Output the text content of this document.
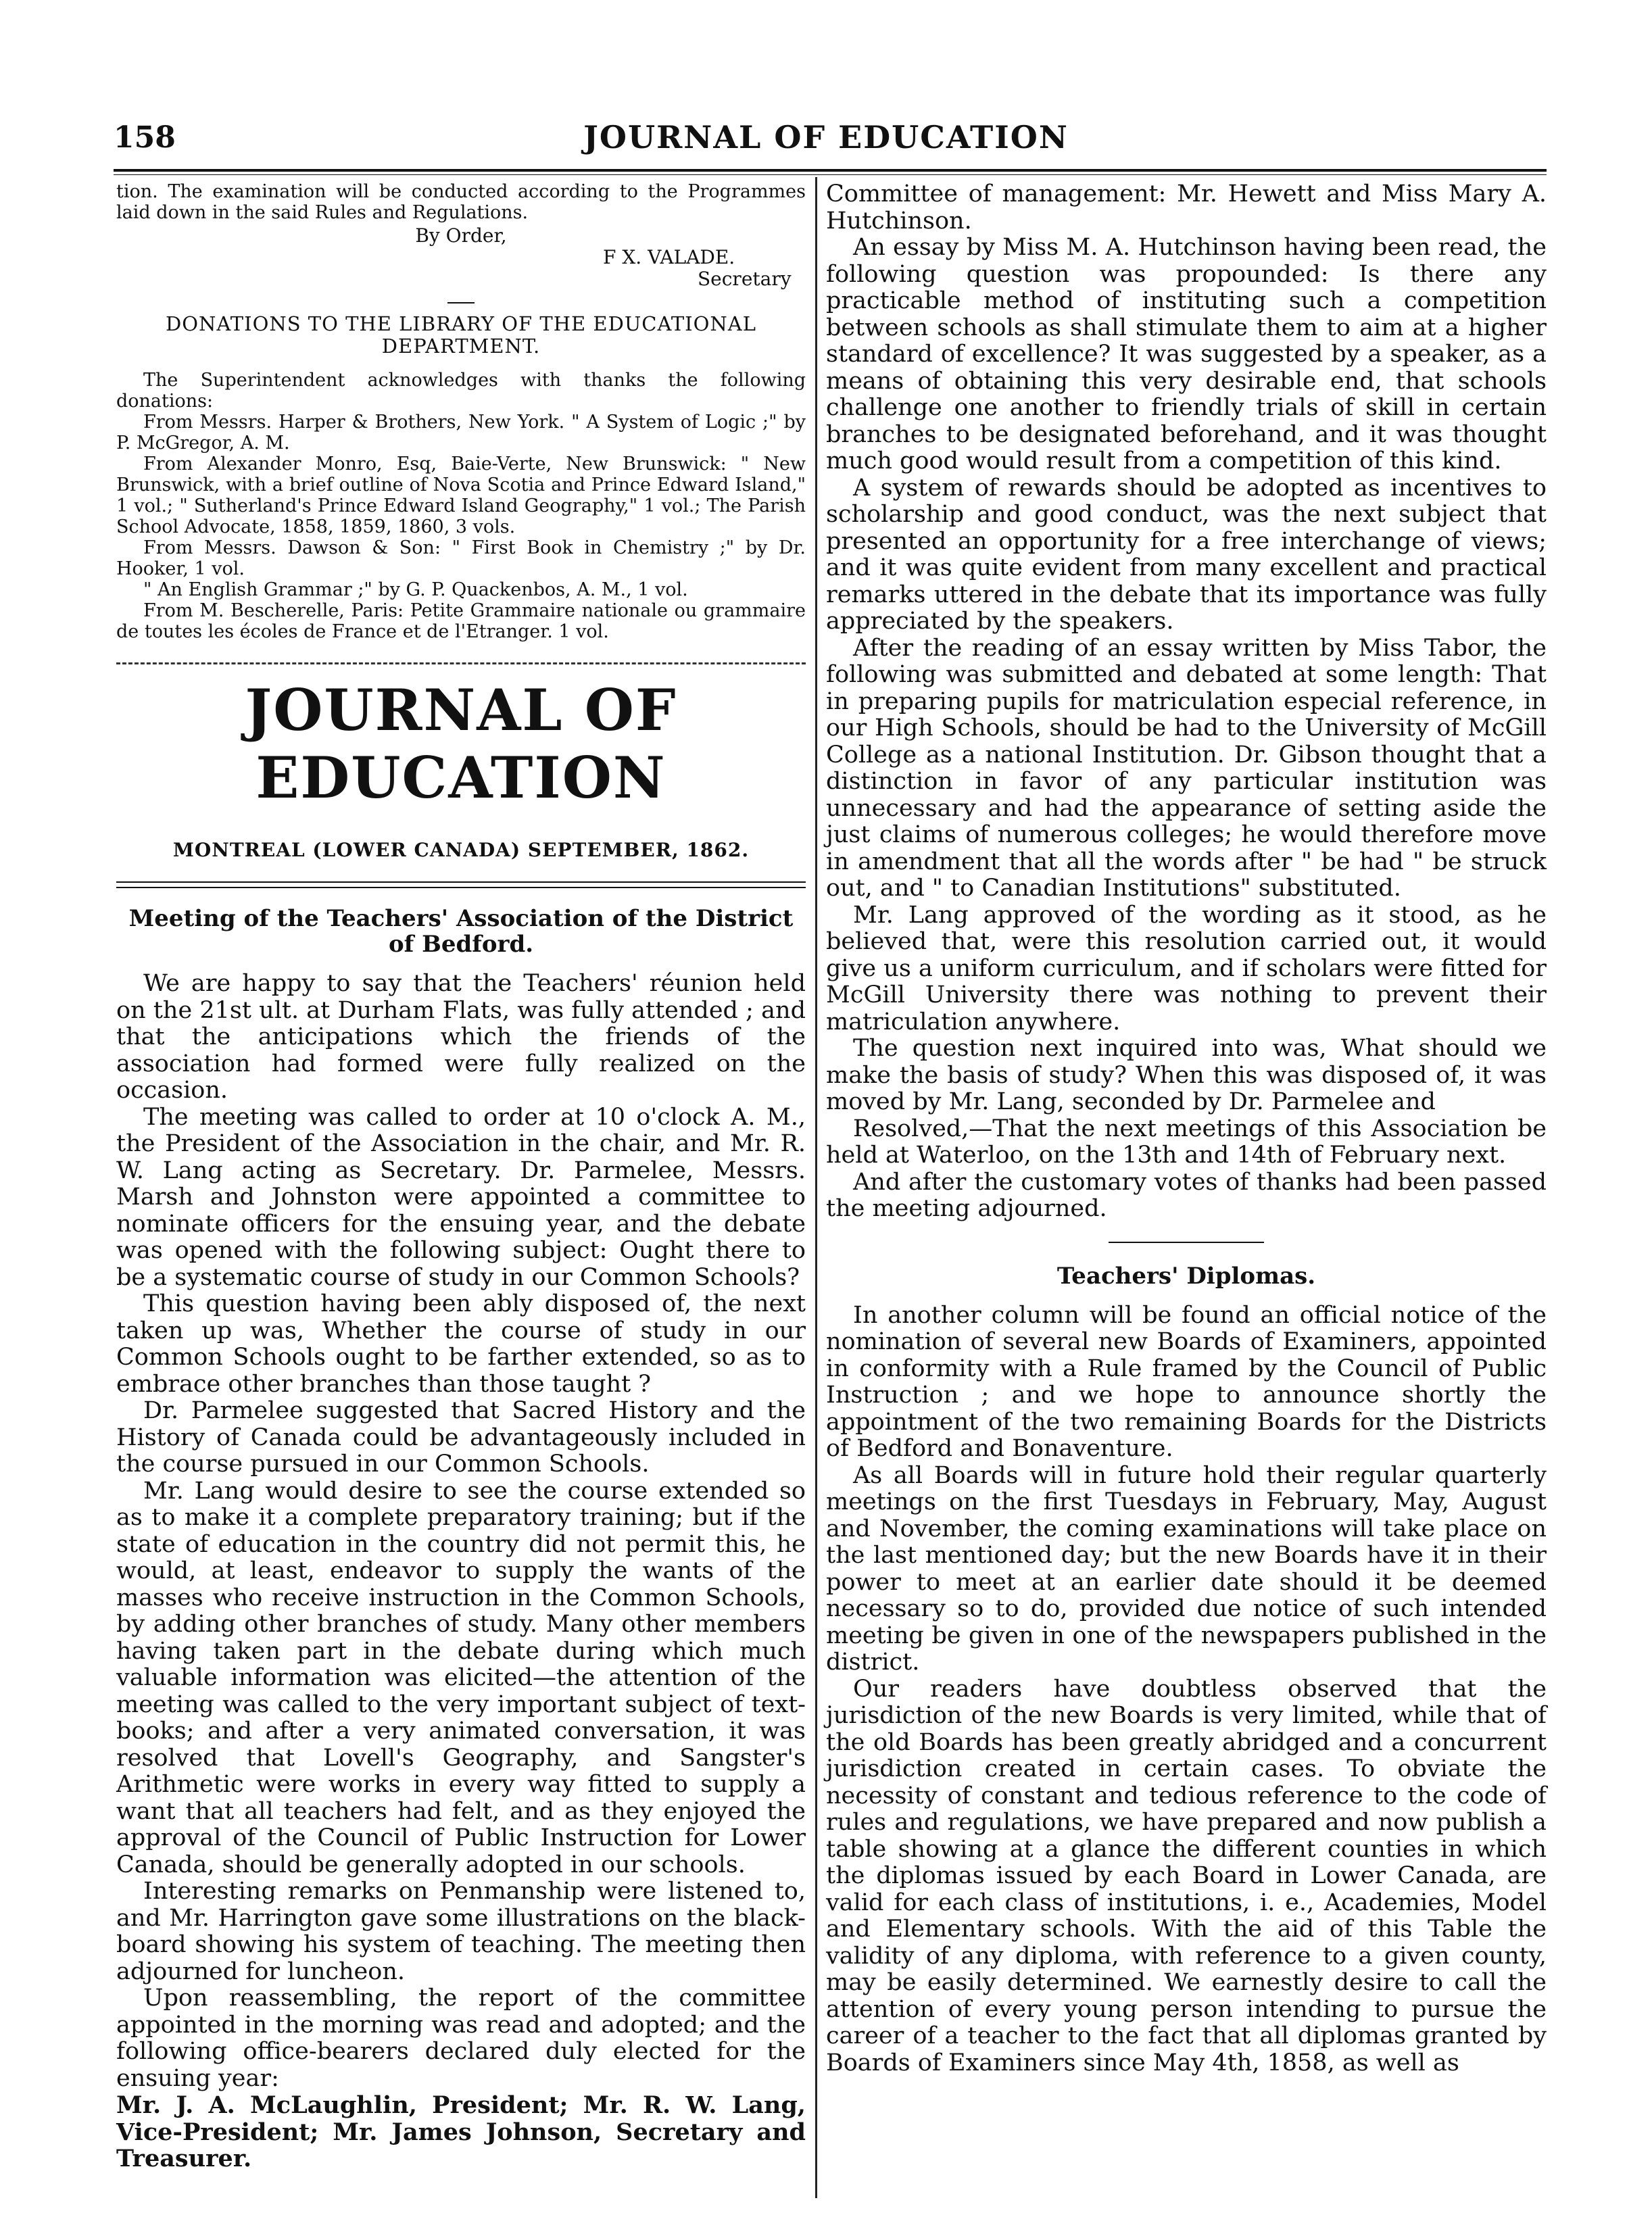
158	JOURNAL OF EDUCATION

tion. The examination will be conducted according to the Programmes laid down in the said Rules and Regulations.

By Order,

F X. VALADE.
Secretary

DONATIONS TO THE LIBRARY OF THE EDUCATIONAL DEPARTMENT.

The Superintendent acknowledges with thanks the following donations:

From Messrs. Harper & Brothers, New York. " A System of Logic ;" by P. McGregor, A. M.

From Alexander Monro, Esq, Baie-Verte, New Brunswick: " New Brunswick, with a brief outline of Nova Scotia and Prince Edward Island," 1 vol.; " Sutherland's Prince Edward Island Geography," 1 vol.; The Parish School Advocate, 1858, 1859, 1860, 3 vols.

From Messrs. Dawson & Son: " First Book in Chemistry ;" by Dr. Hooker, 1 vol.

" An English Grammar ;" by G. P. Quackenbos, A. M., 1 vol.

From M. Bescherelle, Paris: Petite Grammaire nationale ou grammaire de toutes les écoles de France et de l'Etranger. 1 vol.

JOURNAL OF EDUCATION
MONTREAL (LOWER CANADA) SEPTEMBER, 1862.
Meeting of the Teachers' Association of the District of Bedford.

We are happy to say that the Teachers' réunion held on the 21st ult. at Durham Flats, was fully attended ; and that the anticipations which the friends of the association had formed were fully realized on the occasion.

The meeting was called to order at 10 o'clock A. M., the President of the Association in the chair, and Mr. R. W. Lang acting as Secretary. Dr. Parmelee, Messrs. Marsh and Johnston were appointed a committee to nominate officers for the ensuing year, and the debate was opened with the following subject: Ought there to be a systematic course of study in our Common Schools?

This question having been ably disposed of, the next taken up was, Whether the course of study in our Common Schools ought to be farther extended, so as to embrace other branches than those taught ?

Dr. Parmelee suggested that Sacred History and the History of Canada could be advantageously included in the course pursued in our Common Schools.

Mr. Lang would desire to see the course extended so as to make it a complete preparatory training; but if the state of education in the country did not permit this, he would, at least, endeavor to supply the wants of the masses who receive instruction in the Common Schools, by adding other branches of study. Many other members having taken part in the debate during which much valuable information was elicited—the attention of the meeting was called to the very important subject of text-books; and after a very animated conversation, it was resolved that Lovell's Geography, and Sangster's Arithmetic were works in every way fitted to supply a want that all teachers had felt, and as they enjoyed the approval of the Council of Public Instruction for Lower Canada, should be generally adopted in our schools.

Interesting remarks on Penmanship were listened to, and Mr. Harrington gave some illustrations on the black-board showing his system of teaching. The meeting then adjourned for luncheon.

Upon reassembling, the report of the committee appointed in the morning was read and adopted; and the following office-bearers declared duly elected for the ensuing year:

Mr. J. A. McLaughlin, President; Mr. R. W. Lang, Vice-President; Mr. James Johnson, Secretary and Treasurer.

Committee of management: Mr. Hewett and Miss Mary A. Hutchinson.

An essay by Miss M. A. Hutchinson having been read, the following question was propounded: Is there any practicable method of instituting such a competition between schools as shall stimulate them to aim at a higher standard of excellence? It was suggested by a speaker, as a means of obtaining this very desirable end, that schools challenge one another to friendly trials of skill in certain branches to be designated beforehand, and it was thought much good would result from a competition of this kind.

A system of rewards should be adopted as incentives to scholarship and good conduct, was the next subject that presented an opportunity for a free interchange of views; and it was quite evident from many excellent and practical remarks uttered in the debate that its importance was fully appreciated by the speakers.

After the reading of an essay written by Miss Tabor, the following was submitted and debated at some length: That in preparing pupils for matriculation especial reference, in our High Schools, should be had to the University of McGill College as a national Institution. Dr. Gibson thought that a distinction in favor of any particular institution was unnecessary and had the appearance of setting aside the just claims of numerous colleges; he would therefore move in amendment that all the words after " be had " be struck out, and " to Canadian Institutions" substituted.

Mr. Lang approved of the wording as it stood, as he believed that, were this resolution carried out, it would give us a uniform curriculum, and if scholars were fitted for McGill University there was nothing to prevent their matriculation anywhere.

The question next inquired into was, What should we make the basis of study? When this was disposed of, it was moved by Mr. Lang, seconded by Dr. Parmelee and

Resolved,—That the next meetings of this Association be held at Waterloo, on the 13th and 14th of February next.

And after the customary votes of thanks had been passed the meeting adjourned.

Teachers' Diplomas.

In another column will be found an official notice of the nomination of several new Boards of Examiners, appointed in conformity with a Rule framed by the Council of Public Instruction ; and we hope to announce shortly the appointment of the two remaining Boards for the Districts of Bedford and Bonaventure.

As all Boards will in future hold their regular quarterly meetings on the first Tuesdays in February, May, August and November, the coming examinations will take place on the last mentioned day; but the new Boards have it in their power to meet at an earlier date should it be deemed necessary so to do, provided due notice of such intended meeting be given in one of the newspapers published in the district.

Our readers have doubtless observed that the jurisdiction of the new Boards is very limited, while that of the old Boards has been greatly abridged and a concurrent jurisdiction created in certain cases. To obviate the necessity of constant and tedious reference to the code of rules and regulations, we have prepared and now publish a table showing at a glance the different counties in which the diplomas issued by each Board in Lower Canada, are valid for each class of institutions, i. e., Academies, Model and Elementary schools. With the aid of this Table the validity of any diploma, with reference to a given county, may be easily determined. We earnestly desire to call the attention of every young person intending to pursue the career of a teacher to the fact that all diplomas granted by Boards of Examiners since May 4th, 1858, as well as
